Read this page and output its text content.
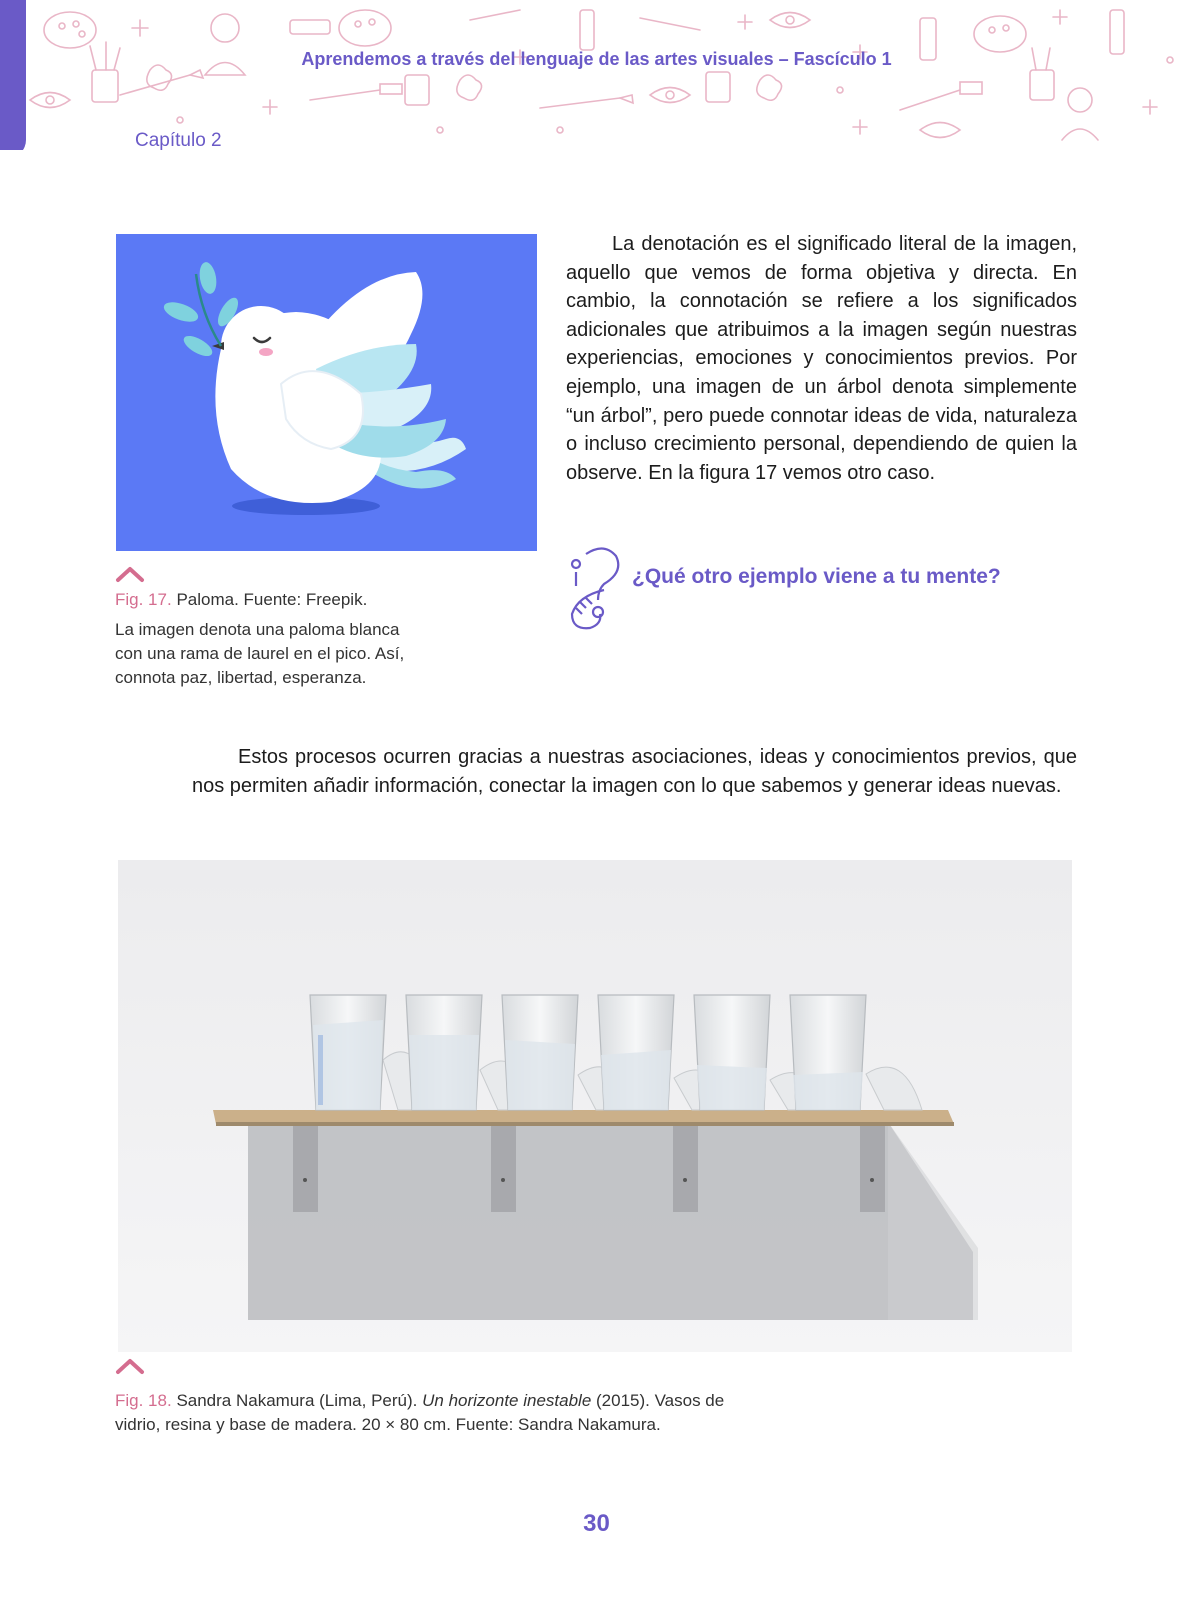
Aprendemos a través del lenguaje de las artes visuales – Fascículo 1
Capítulo 2
Fig. 17. Paloma. Fuente: Freepik.
La imagen denota una paloma blanca
con una rama de laurel en el pico. Así,
connota paz, libertad, esperanza.

La denotación es el significado literal de la imagen, aquello que vemos de forma objetiva y directa. En cambio, la connotación se refiere a los significados adicionales que atribuimos a la imagen según nuestras experiencias, emociones y conocimientos previos. Por ejemplo, una imagen de un árbol denota simplemente “un árbol”, pero puede connotar ideas de vida, naturaleza o incluso crecimiento personal, dependiendo de quien la observe. En la figura 17 vemos otro caso.

¿Qué otro ejemplo viene a tu mente?

Estos procesos ocurren gracias a nuestras asociaciones, ideas y conocimientos previos, que nos permiten añadir información, conectar la imagen con lo que sabemos y generar ideas nuevas.

Fig. 18. Sandra Nakamura (Lima, Perú). Un horizonte inestable (2015). Vasos de
vidrio, resina y base de madera. 20 × 80 cm. Fuente: Sandra Nakamura.
30
